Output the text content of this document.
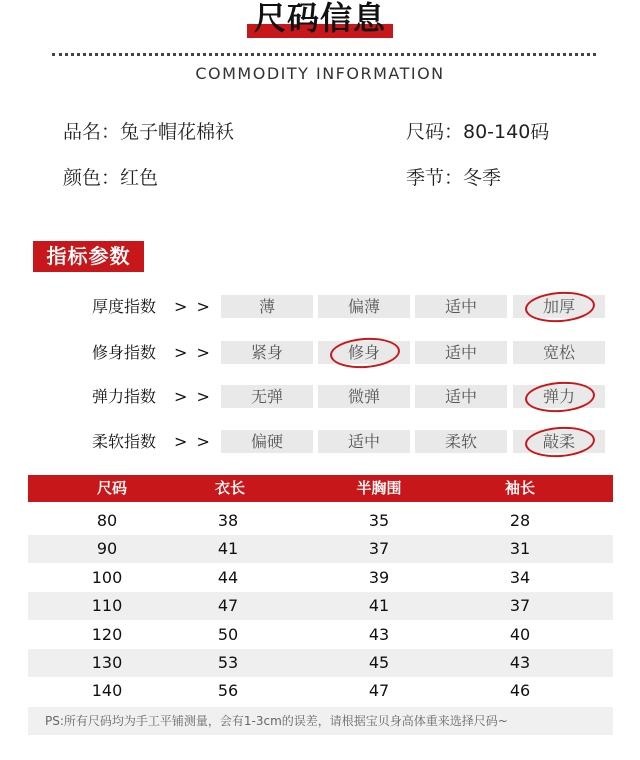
尺码信息
COMMODITY INFORMATION
品名：兔子帽花棉袄	尺码：80-140码
颜色：红色	季节：冬季
指标参数
厚度指数 > >	薄	偏薄	适中	加厚
修身指数 > >	紧身	修身	适中	宽松
弹力指数 > >	无弹	微弹	适中	弹力
柔软指数 > >	偏硬	适中	柔软	敲柔
尺码	衣长	半胸围	袖长
80	38	35	28
90	41	37	31
100	44	39	34
110	47	41	37
120	50	43	40
130	53	45	43
140	56	47	46
PS:所有尺码均为手工平铺测量，会有1-3cm的误差，请根据宝贝身高体重来选择尺码~
